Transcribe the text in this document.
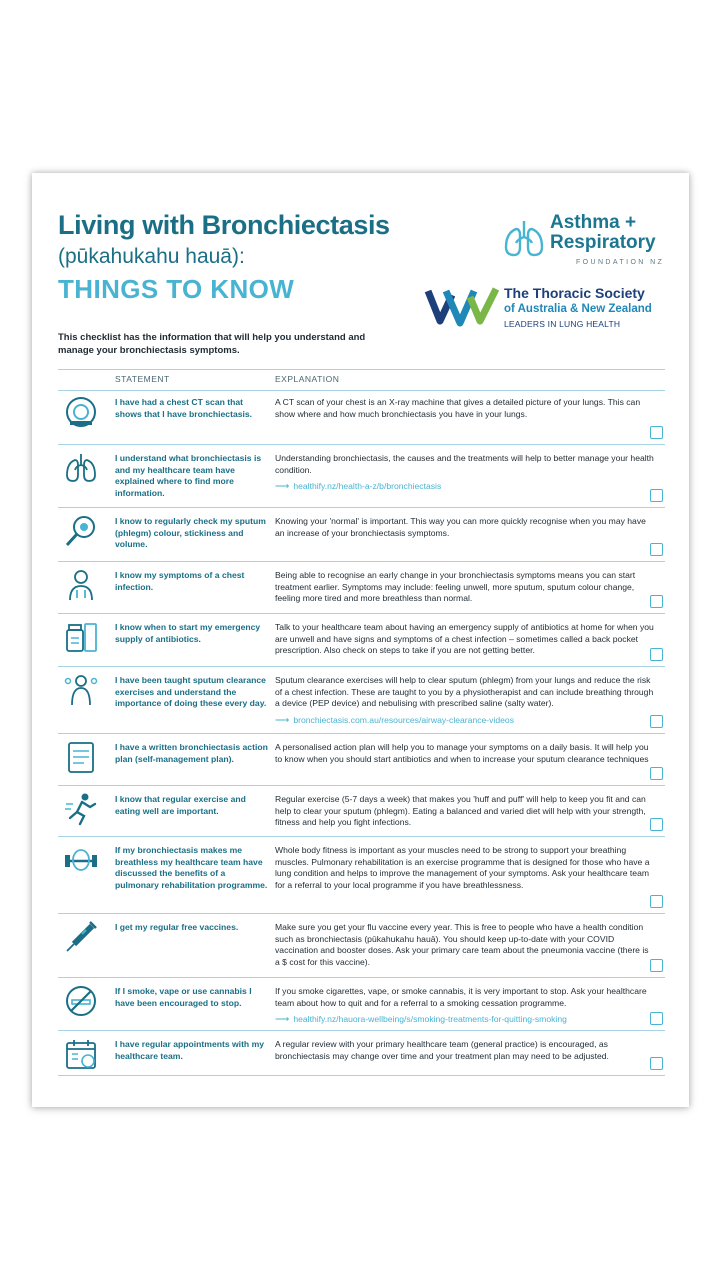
Living with Bronchiectasis
(pūkahukahu hauā):
THINGS TO KNOW
This checklist has the information that will help you understand and manage your bronchiectasis symptoms.
Asthma + Respiratory
FOUNDATION NZ
The Thoracic Society
of Australia & New Zealand
LEADERS IN LUNG HEALTH
STATEMENT	EXPLANATION
I have had a chest CT scan that shows that I have bronchiectasis.
A CT scan of your chest is an X-ray machine that gives a detailed picture of your lungs. This can show where and how much bronchiectasis you have in your lungs.
I understand what bronchiectasis is and my healthcare team have explained where to find more information.
Understanding bronchiectasis, the causes and the treatments will help to better manage your health condition.
⟶ healthify.nz/health-a-z/b/bronchiectasis
I know to regularly check my sputum (phlegm) colour, stickiness and volume.
Knowing your 'normal' is important. This way you can more quickly recognise when you may have an increase of your bronchiectasis symptoms.
I know my symptoms of a chest infection.
Being able to recognise an early change in your bronchiectasis symptoms means you can start treatment earlier. Symptoms may include: feeling unwell, more sputum, sputum colour change, feeling more tired and more breathless than normal.
I know when to start my emergency supply of antibiotics.
Talk to your healthcare team about having an emergency supply of antibiotics at home for when you are unwell and have signs and symptoms of a chest infection – sometimes called a back pocket prescription. Also check on steps to take if you are not getting better.
I have been taught sputum clearance exercises and understand the importance of doing these every day.
Sputum clearance exercises will help to clear sputum (phlegm) from your lungs and reduce the risk of a chest infection. These are taught to you by a physiotherapist and can include breathing through a device (PEP device) and nebulising with prescribed saline (salty water).
⟶ bronchiectasis.com.au/resources/airway-clearance-videos
I have a written bronchiectasis action plan (self-management plan).
A personalised action plan will help you to manage your symptoms on a daily basis. It will help you to know when you should start antibiotics and when to increase your sputum clearance techniques
I know that regular exercise and eating well are important.
Regular exercise (5-7 days a week) that makes you 'huff and puff' will help to keep you fit and can help to clear your sputum (phlegm). Eating a balanced and varied diet will help with your strength, fitness and help you fight infections.
If my bronchiectasis makes me breathless my healthcare team have discussed the benefits of a pulmonary rehabilitation programme.
Whole body fitness is important as your muscles need to be strong to support your breathing muscles. Pulmonary rehabilitation is an exercise programme that is designed for those who have a lung condition and helps to improve the management of your symptoms. Ask your healthcare team for a referral to your local programme if you have breathlessness.
I get my regular free vaccines.	Make sure you get your flu vaccine every year. This is free to people who have a health condition such as bronchiectasis (pūkahukahu hauā). You should keep up-to-date with your COVID vaccination and booster doses. Ask your primary care team about the pneumonia vaccine (there is a $ cost for this vaccine).
If I smoke, vape or use cannabis I have been encouraged to stop.
If you smoke cigarettes, vape, or smoke cannabis, it is very important to stop. Ask your healthcare team about how to quit and for a referral to a smoking cessation programme.
⟶ healthify.nz/hauora-wellbeing/s/smoking-treatments-for-quitting-smoking
I have regular appointments with my healthcare team.
A regular review with your primary healthcare team (general practice) is encouraged, as bronchiectasis may change over time and your treatment plan may need to be adjusted.
